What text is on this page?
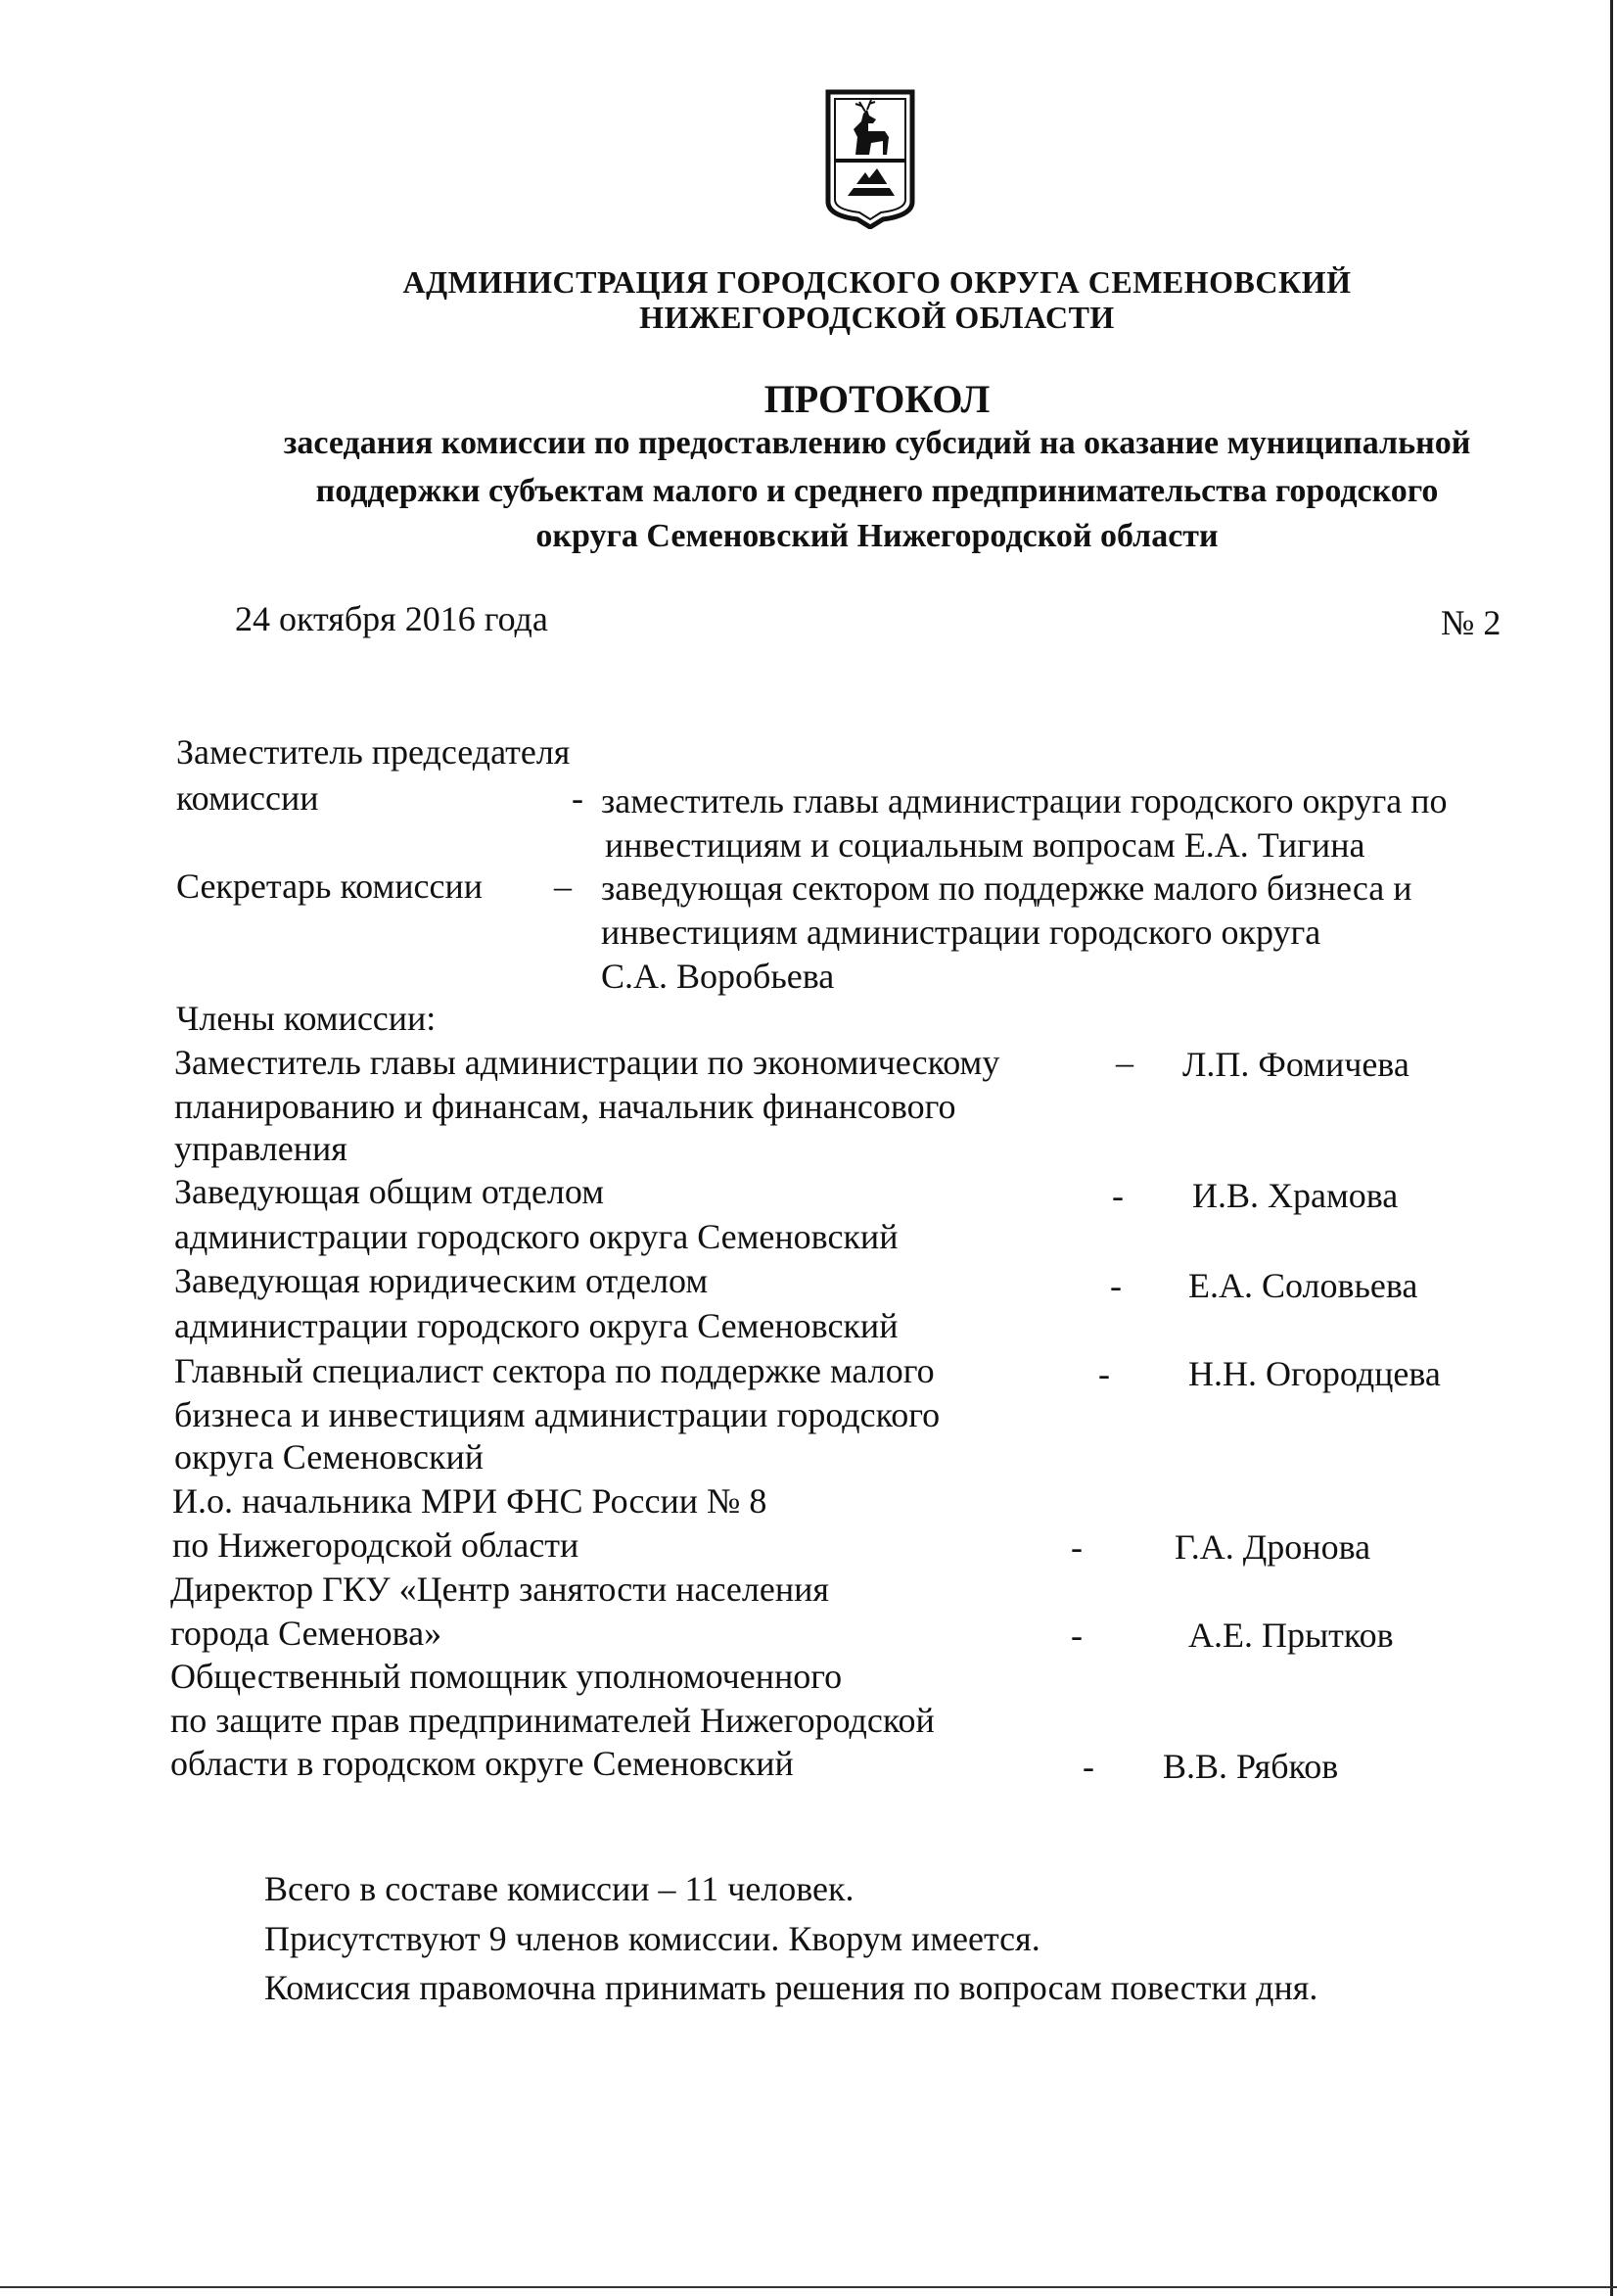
АДМИНИСТРАЦИЯ ГОРОДСКОГО ОКРУГА СЕМЕНОВСКИЙ
НИЖЕГОРОДСКОЙ ОБЛАСТИ
ПРОТОКОЛ
заседания комиссии по предоставлению субсидий на оказание муниципальной
поддержки субъектам малого и среднего предпринимательства городского
округа Семеновский Нижегородской области
24 октября 2016 года	№ 2
Заместитель председателя
комиссии	- заместитель главы администрации городского округа по
инвестициям и социальным вопросам Е.А. Тигина
Секретарь комиссии – заведующая сектором по поддержке малого бизнеса и
инвестициям администрации городского округа
С.А. Воробьева
Члены комиссии:
Заместитель главы администрации по экономическому
планированию и финансам, начальник финансового
управления
– Л.П. Фомичева
Заведующая общим отделом
администрации городского округа Семеновский
- И.В. Храмова
Заведующая юридическим отделом
администрации городского округа Семеновский
- Е.А. Соловьева
Главный специалист сектора по поддержке малого
бизнеса и инвестициям администрации городского
округа Семеновский
- Н.Н. Огородцева
И.о. начальника МРИ ФНС России № 8
по Нижегородской области	-	Г.А. Дронова
Директор ГКУ «Центр занятости населения
города Семенова»	-	А.Е. Прытков
Общественный помощник уполномоченного
по защите прав предпринимателей Нижегородской
области в городском округе Семеновский	- В.В. Рябков
Всего в составе комиссии – 11 человек.
Присутствуют 9 членов комиссии. Кворум имеется.
Комиссия правомочна принимать решения по вопросам повестки дня.
